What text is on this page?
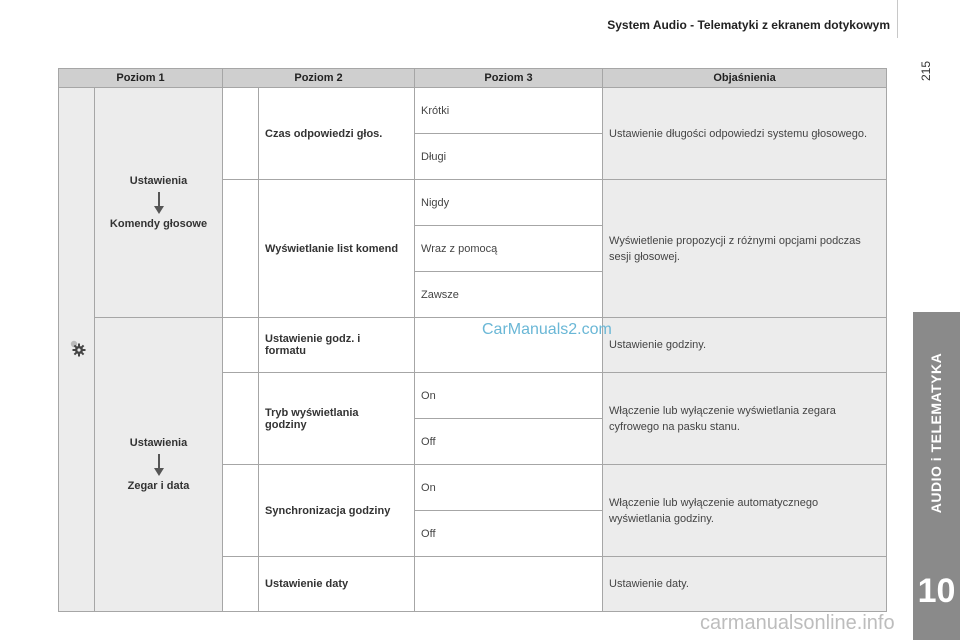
System Audio - Telematyki z ekranem dotykowym
215
AUDIO i TELEMATYKA
10
Poziom 1		Poziom 2		Poziom 3	Objaśnienia

Ustawienia
Komendy głosowe		Czas odpowiedzi głos.	Krótki	Ustawienie długości odpowiedzi systemu głosowego.
				Długi	
			Wyświetlanie list komend	Nigdy	Wyświetlenie propozycji z różnymi opcjami podczas sesji głosowej.
				Wraz z pomocą	
				Zawsze	

	Ustawienia
Zegar i data		Ustawienie godz. i formatu		Ustawienie godziny.

			Tryb wyświetlania godziny	On	Włączenie lub wyłączenie wyświetlania zegara cyfrowego na pasku stanu.
				Off	
			Synchronizacja godziny	On	Włączenie lub wyłączenie automatycznego wyświetlania godziny.
				Off	
			Ustawienie daty		Ustawienie daty.
CarManuals2.com
carmanualsonline.info
